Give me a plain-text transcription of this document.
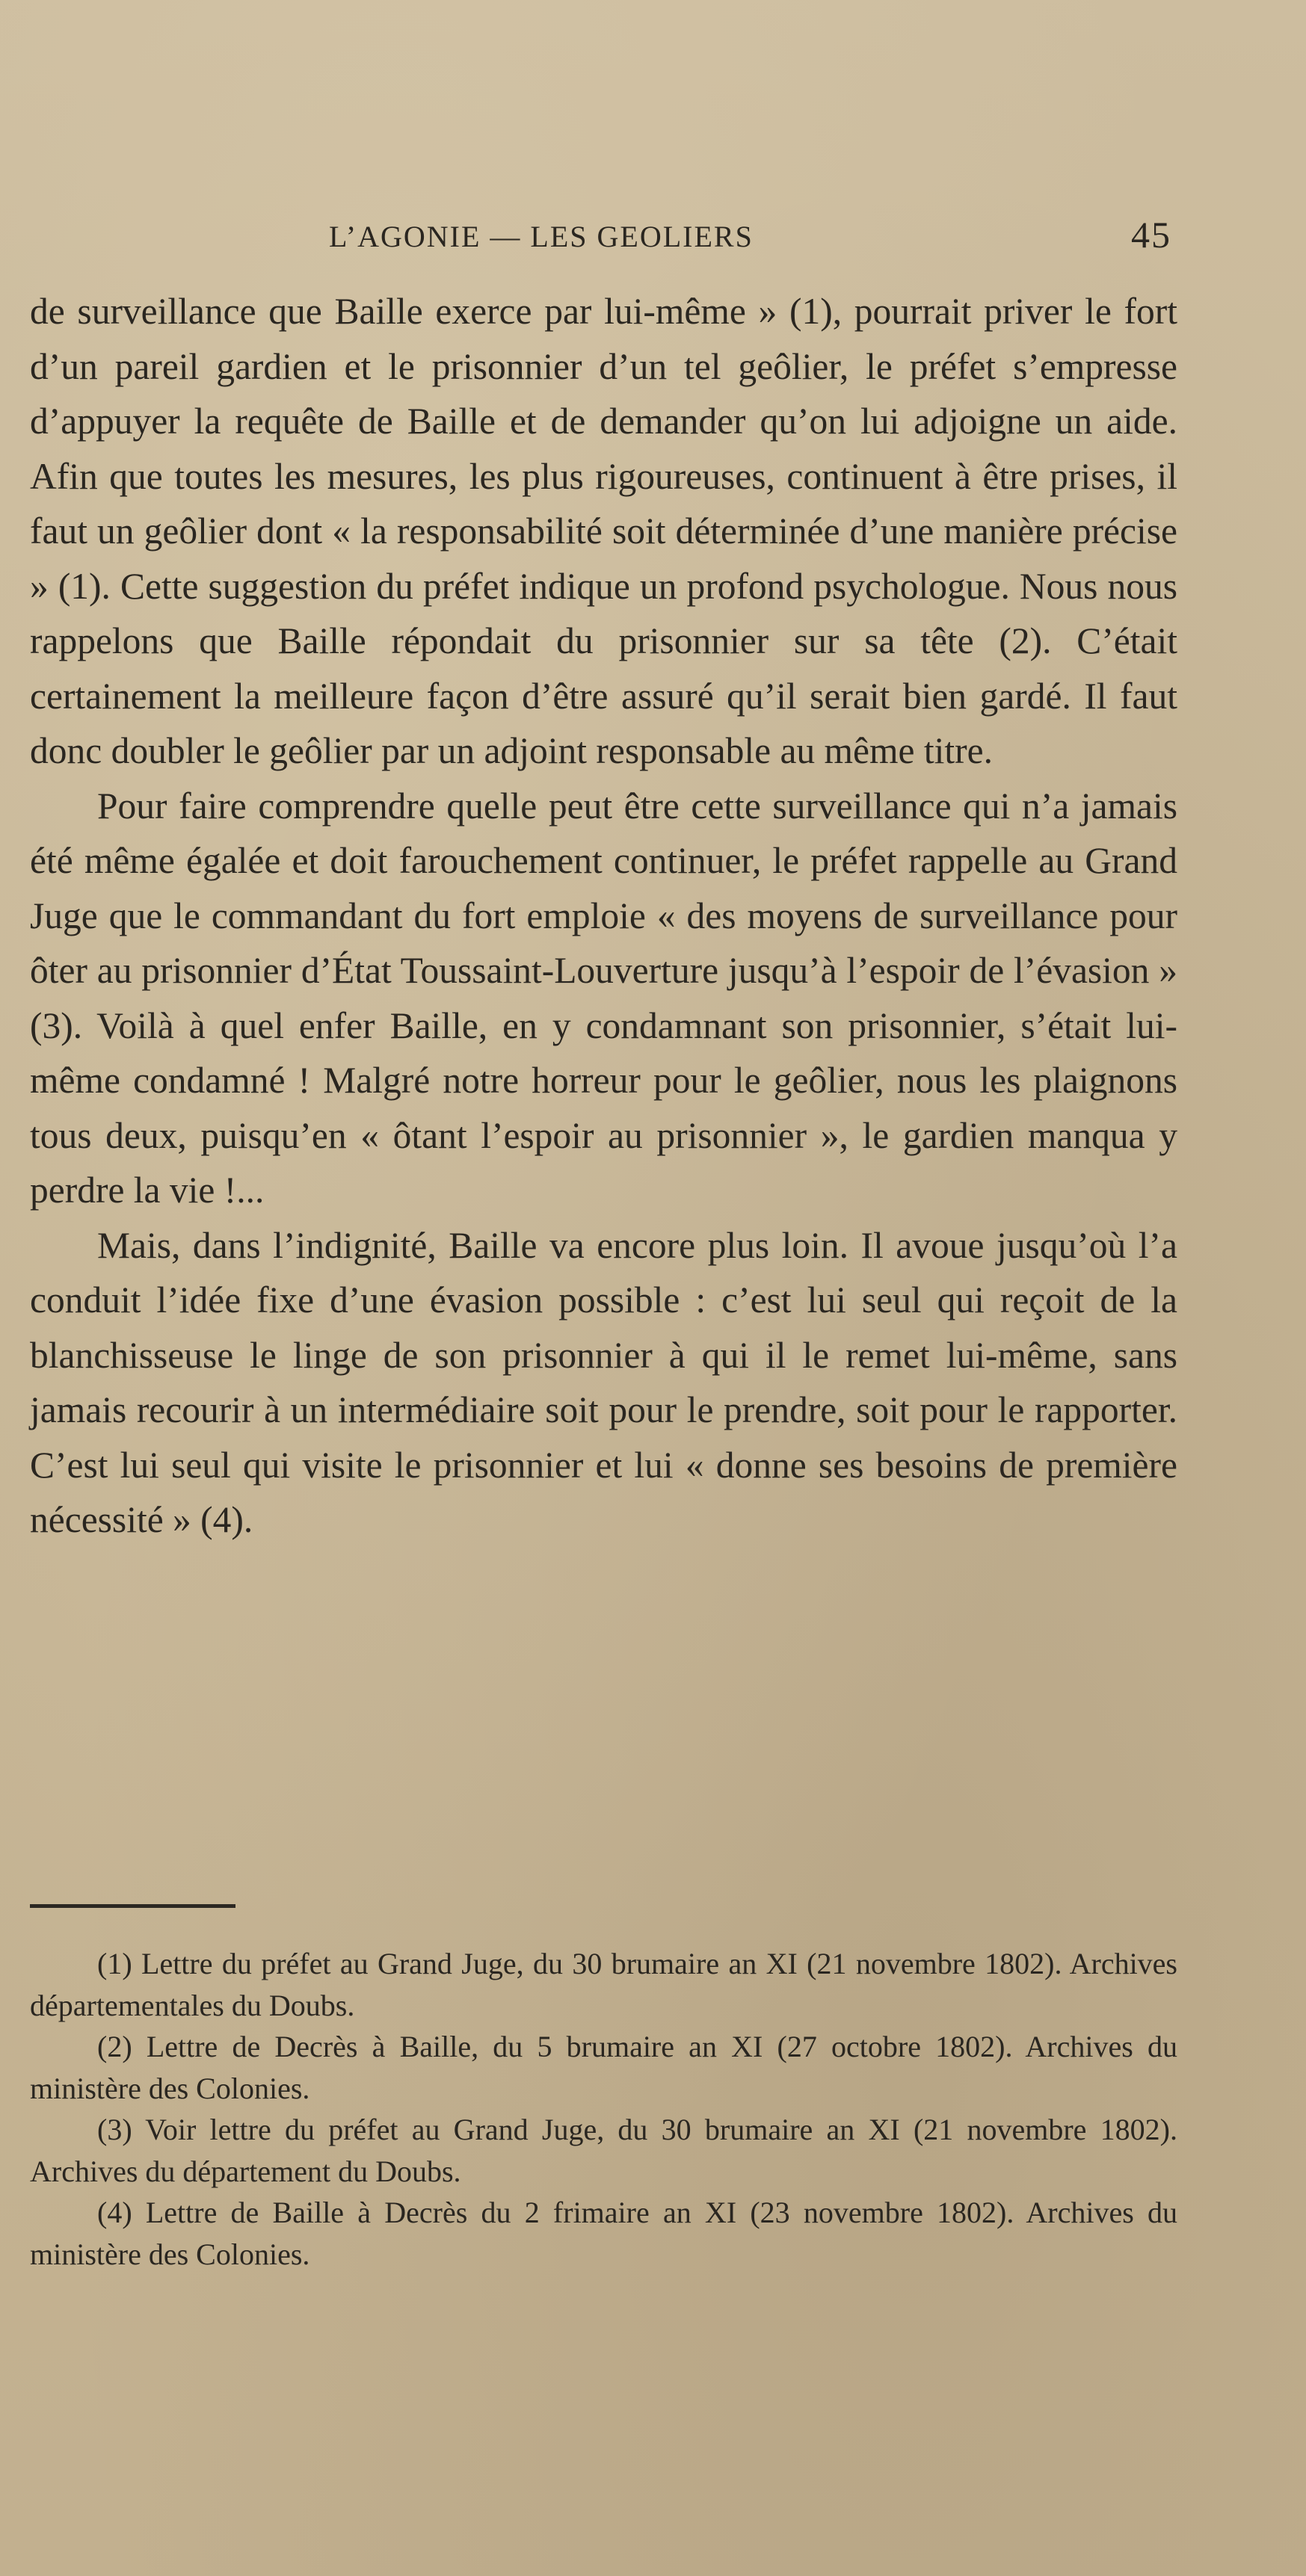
L’AGONIE — LES GEOLIERS	45

de surveillance que Baille exerce par lui-même » (1), pourrait priver le fort d’un pareil gardien et le prisonnier d’un tel geôlier, le préfet s’empresse d’appuyer la requête de Baille et de demander qu’on lui adjoigne un aide. Afin que toutes les mesures, les plus rigoureuses, continuent à être prises, il faut un geôlier dont « la responsabilité soit déterminée d’une manière précise » (1). Cette suggestion du préfet indique un profond psychologue. Nous nous rappelons que Baille répondait du prisonnier sur sa tête (2). C’était certainement la meilleure façon d’être assuré qu’il serait bien gardé. Il faut donc doubler le geôlier par un adjoint responsable au même titre.

Pour faire comprendre quelle peut être cette surveillance qui n’a jamais été même égalée et doit farouchement continuer, le préfet rappelle au Grand Juge que le commandant du fort emploie « des moyens de surveillance pour ôter au prisonnier d’État Toussaint-Louverture jusqu’à l’espoir de l’évasion » (3). Voilà à quel enfer Baille, en y condamnant son prisonnier, s’était lui-même condamné ! Malgré notre horreur pour le geôlier, nous les plaignons tous deux, puisqu’en « ôtant l’espoir au prisonnier », le gardien manqua y perdre la vie !...

Mais, dans l’indignité, Baille va encore plus loin. Il avoue jusqu’où l’a conduit l’idée fixe d’une évasion possible : c’est lui seul qui reçoit de la blanchisseuse le linge de son prisonnier à qui il le remet lui-même, sans jamais recourir à un intermédiaire soit pour le prendre, soit pour le rapporter. C’est lui seul qui visite le prisonnier et lui « donne ses besoins de première nécessité » (4).

(1) Lettre du préfet au Grand Juge, du 30 brumaire an XI (21 novembre 1802). Archives départementales du Doubs.

(2) Lettre de Decrès à Baille, du 5 brumaire an XI (27 octobre 1802). Archives du ministère des Colonies.

(3) Voir lettre du préfet au Grand Juge, du 30 brumaire an XI (21 novembre 1802). Archives du département du Doubs.

(4) Lettre de Baille à Decrès du 2 frimaire an XI (23 novembre 1802). Archives du ministère des Colonies.
